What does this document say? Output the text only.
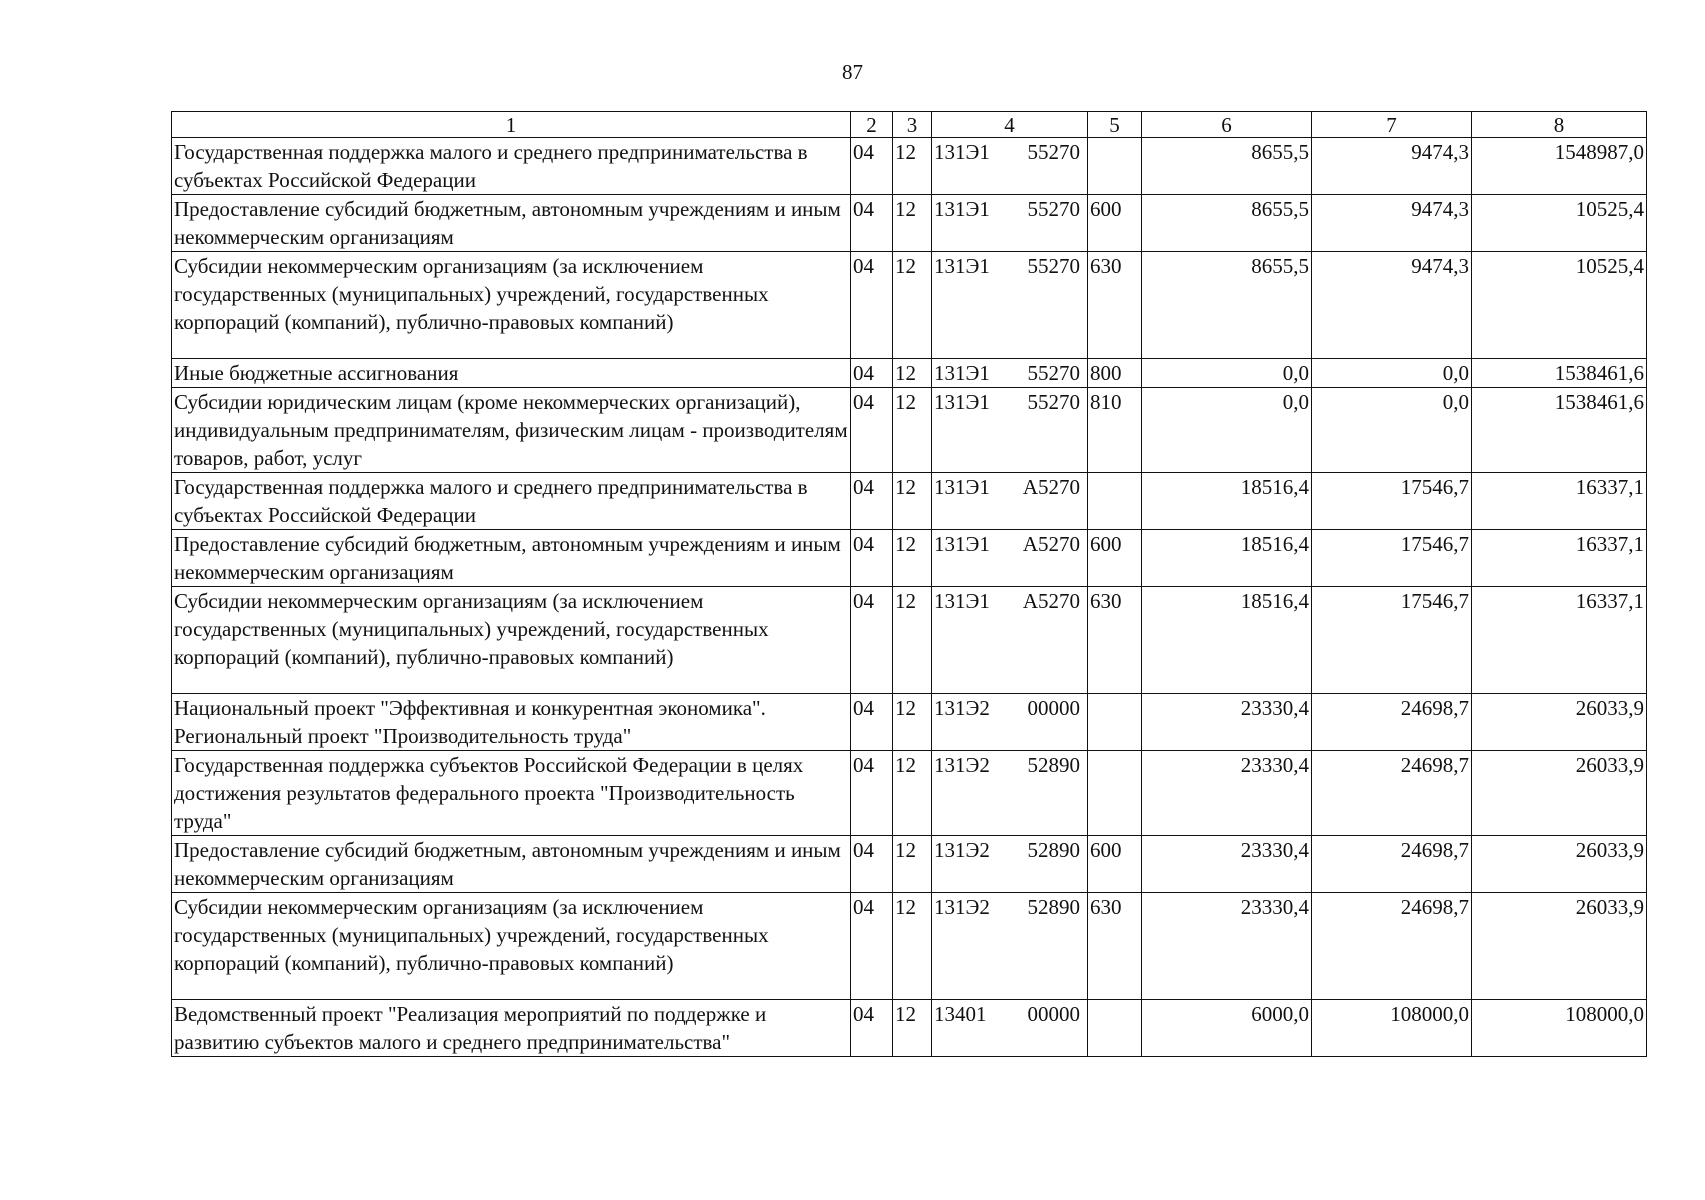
87
1	2	3	4	5	6	7	8
Государственная поддержка малого и среднего предпринимательства в субъектах Российской Федерации	04	12	131Э1 55270		8655,5	9474,3	1548987,0
Предоставление субсидий бюджетным, автономным учреждениям и иным некоммерческим организациям	04	12	131Э1 55270	600	8655,5	9474,3	10525,4
Субсидии некоммерческим организациям (за исключением государственных (муниципальных) учреждений, государственных корпораций (компаний), публично-правовых компаний)	04	12	131Э1 55270	630	8655,5	9474,3	10525,4
Иные бюджетные ассигнования	04	12	131Э1 55270	800	0,0	0,0	1538461,6
Субсидии юридическим лицам (кроме некоммерческих организаций), индивидуальным предпринимателям, физическим лицам - производителям товаров, работ, услуг	04	12	131Э1 55270	810	0,0	0,0	1538461,6
Государственная поддержка малого и среднего предпринимательства в субъектах Российской Федерации	04	12	131Э1 А5270		18516,4	17546,7	16337,1
Предоставление субсидий бюджетным, автономным учреждениям и иным некоммерческим организациям	04	12	131Э1 А5270	600	18516,4	17546,7	16337,1
Субсидии некоммерческим организациям (за исключением государственных (муниципальных) учреждений, государственных корпораций (компаний), публично-правовых компаний)	04	12	131Э1 А5270	630	18516,4	17546,7	16337,1
Национальный проект "Эффективная и конкурентная экономика". Региональный проект "Производительность труда"	04	12	131Э2 00000		23330,4	24698,7	26033,9
Государственная поддержка субъектов Российской Федерации в целях достижения результатов федерального проекта "Производительность труда"	04	12	131Э2 52890		23330,4	24698,7	26033,9
Предоставление субсидий бюджетным, автономным учреждениям и иным некоммерческим организациям	04	12	131Э2 52890	600	23330,4	24698,7	26033,9
Субсидии некоммерческим организациям (за исключением государственных (муниципальных) учреждений, государственных корпораций (компаний), публично-правовых компаний)	04	12	131Э2 52890	630	23330,4	24698,7	26033,9
Ведомственный проект "Реализация мероприятий по поддержке и развитию субъектов малого и среднего предпринимательства"	04	12	13401 00000		6000,0	108000,0	108000,0
